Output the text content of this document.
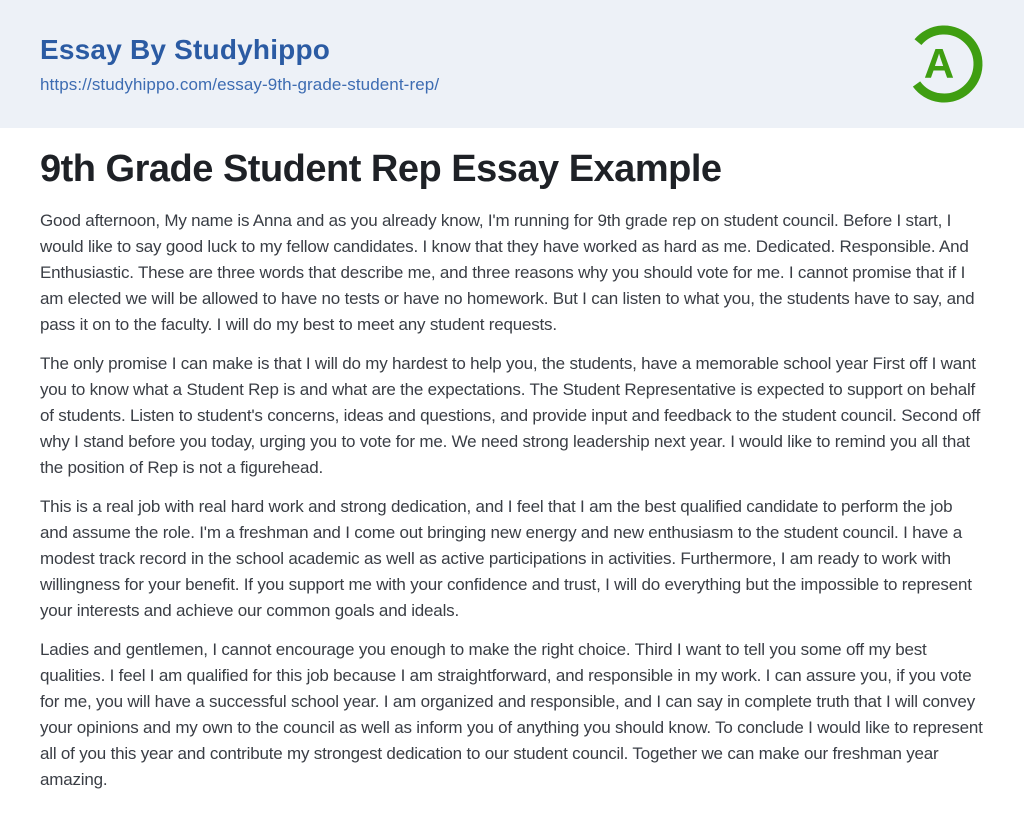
Essay By Studyhippo
https://studyhippo.com/essay-9th-grade-student-rep/	A
9th Grade Student Rep Essay Example

Good afternoon, My name is Anna and as you already know, I'm running for 9th grade rep on student council. Before I start, I would like to say good luck to my fellow candidates. I know that they have worked as hard as me. Dedicated. Responsible. And Enthusiastic. These are three words that describe me, and three reasons why you should vote for me. I cannot promise that if I am elected we will be allowed to have no tests or have no homework. But I can listen to what you, the students have to say, and pass it on to the faculty. I will do my best to meet any student requests.

The only promise I can make is that I will do my hardest to help you, the students, have a memorable school year First off I want you to know what a Student Rep is and what are the expectations. The Student Representative is expected to support on behalf of students. Listen to student's concerns, ideas and questions, and provide input and feedback to the student council. Second off why I stand before you today, urging you to vote for me. We need strong leadership next year. I would like to remind you all that the position of Rep is not a figurehead.

This is a real job with real hard work and strong dedication, and I feel that I am the best qualified candidate to perform the job and assume the role. I'm a freshman and I come out bringing new energy and new enthusiasm to the student council. I have a modest track record in the school academic as well as active participations in activities. Furthermore, I am ready to work with willingness for your benefit. If you support me with your confidence and trust, I will do everything but the impossible to represent your interests and achieve our common goals and ideals.

Ladies and gentlemen, I cannot encourage you enough to make the right choice. Third I want to tell you some off my best qualities. I feel I am qualified for this job because I am straightforward, and responsible in my work. I can assure you, if you vote for me, you will have a successful school year. I am organized and responsible, and I can say in complete truth that I will convey your opinions and my own to the council as well as inform you of anything you should know. To conclude I would like to represent all of you this year and contribute my strongest dedication to our student council. Together we can make our freshman year amazing.
